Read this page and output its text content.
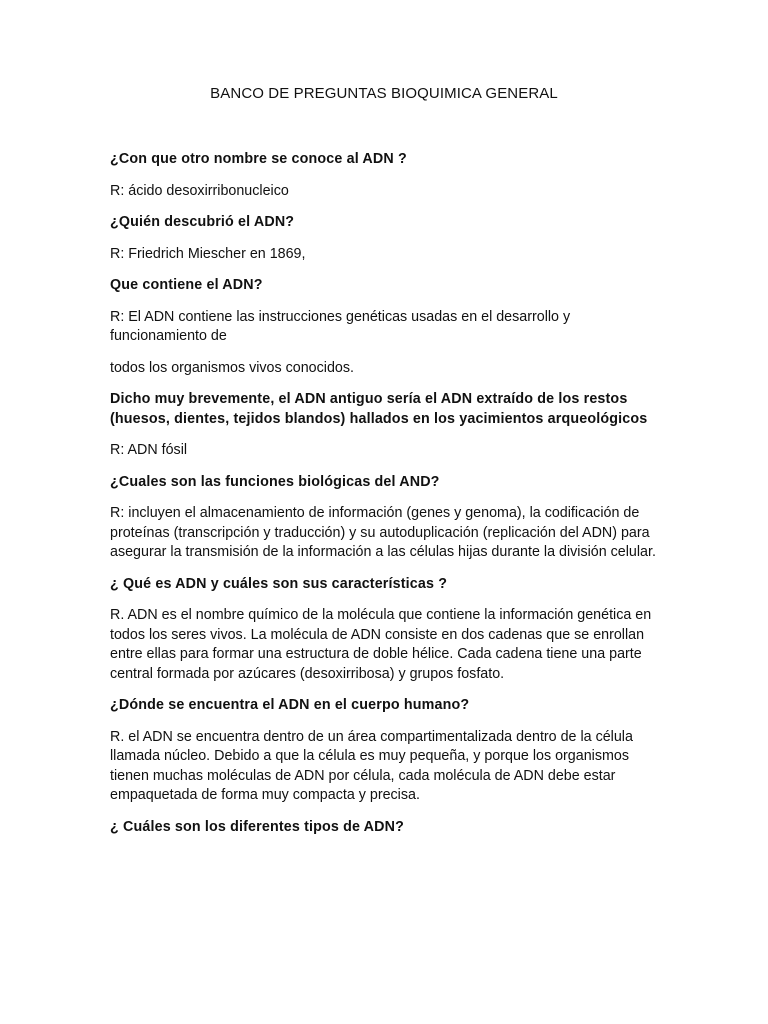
BANCO DE PREGUNTAS BIOQUIMICA GENERAL

¿Con que otro nombre se conoce al ADN ?

R: ácido desoxirribonucleico

¿Quién descubrió el ADN?

R: Friedrich Miescher en 1869,

Que contiene el ADN?

R: El ADN contiene las instrucciones genéticas usadas en el desarrollo y funcionamiento de

todos los organismos vivos conocidos.

Dicho muy brevemente, el ADN antiguo sería el ADN extraído de los restos (huesos, dientes, tejidos blandos) hallados en los yacimientos arqueológicos

R: ADN fósil

¿Cuales son las funciones biológicas del AND?

R: incluyen el almacenamiento de información (genes y genoma), la codificación de proteínas (transcripción y traducción) y su autoduplicación (replicación del ADN) para asegurar la transmisión de la información a las células hijas durante la división celular.

¿ Qué es ADN y cuáles son sus características ?

R. ADN es el nombre químico de la molécula que contiene la información genética en todos los seres vivos. La molécula de ADN consiste en dos cadenas que se enrollan entre ellas para formar una estructura de doble hélice. Cada cadena tiene una parte central formada por azúcares (desoxirribosa) y grupos fosfato.

¿Dónde se encuentra el ADN en el cuerpo humano?

R. el ADN se encuentra dentro de un área compartimentalizada dentro de la célula llamada núcleo. Debido a que la célula es muy pequeña, y porque los organismos tienen muchas moléculas de ADN por célula, cada molécula de ADN debe estar empaquetada de forma muy compacta y precisa.

¿ Cuáles son los diferentes tipos de ADN?
